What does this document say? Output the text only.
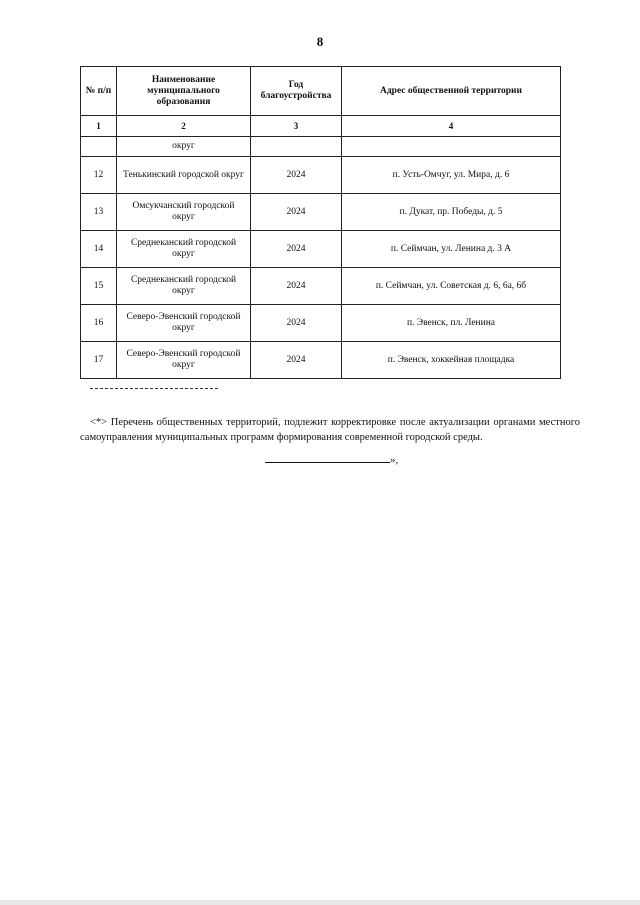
8
№ п/п	Наименование муниципального образования	Год благоустройства	Адрес общественной территории
1	2	3	4
	округ		
12	Тенькинский городской округ	2024	п. Усть-Омчуг, ул. Мира, д. 6
13	Омсукчанский городской округ	2024	п. Дукат, пр. Победы, д. 5
14	Среднеканский городской округ	2024	п. Сеймчан, ул. Ленина д. 3 А
15	Среднеканский городской округ	2024	п. Сеймчан, ул. Советская д. 6, 6а, 6б
16	Северо-Эвенский городской округ	2024	п. Эвенск, пл. Ленина
17	Северо-Эвенский городской округ	2024	п. Эвенск, хоккейная площадка

<*> Перечень общественных территорий, подлежит корректировке после актуализации органами местного самоуправления муниципальных программ формирования современной городской среды.

»,
